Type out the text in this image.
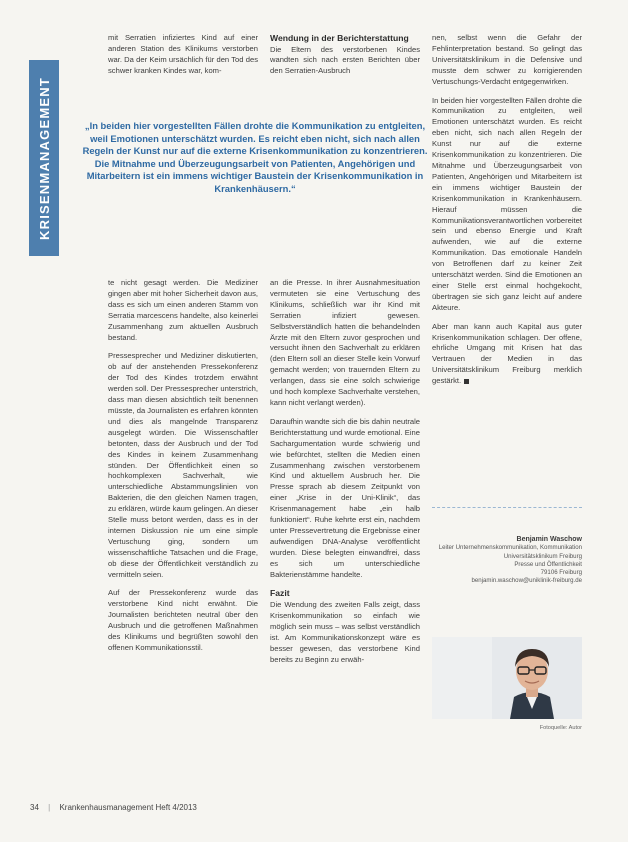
KRISENMANAGEMENT

mit Serratien infiziertes Kind auf einer anderen Station des Klinikums verstorben war. Da der Keim ursächlich für den Tod des schwer kranken Kindes war, kom-

Wendung in der Berichterstattung

Die Eltern des verstorbenen Kindes wandten sich nach ersten Berichten über den Serratien-Ausbruch

nen, selbst wenn die Gefahr der Fehlinterpretation bestand. So gelingt das Universitätsklinikum in die Defensive und musste dem schwer zu korrigierenden Vertuschungs-Verdacht entgegenwirken.

In beiden hier vorgestellten Fällen drohte die Kommunikation zu entgleiten, weil Emotionen unterschätzt wurden. Es reicht eben nicht, sich nach allen Regeln der Kunst nur auf die externe Krisenkommunikation zu konzentrieren. Die Mitnahme und Überzeugungsarbeit von Patienten, Angehörigen und Mitarbeitern ist ein immens wichtiger Baustein der Krisenkommunikation in Krankenhäusern. Hierauf müssen die Kommunikationsverantwortlichen vorbereitet sein und ebenso Energie und Kraft aufwenden, wie auf die externe Kommunikation. Das emotionale Handeln von Betroffenen darf zu keiner Zeit unterschätzt werden. Sind die Emotionen an einer Stelle erst einmal hochgekocht, übertragen sie sich ganz leicht auf andere Akteure.

Aber man kann auch Kapital aus guter Krisenkommunikation schlagen. Der offene, ehrliche Umgang mit Krisen hat das Vertrauen der Medien in das Universitätsklinikum Freiburg merklich gestärkt.

„In beiden hier vorgestellten Fällen drohte die Kommunikation zu entgleiten, weil Emotionen unterschätzt wurden. Es reicht eben nicht, sich nach allen Regeln der Kunst nur auf die externe Krisenkommunikation zu konzentrieren. Die Mitnahme und Überzeugungsarbeit von Patienten, Angehörigen und Mitarbeitern ist ein immens wichtiger Baustein der Krisenkommunikation in Krankenhäusern.“

te nicht gesagt werden. Die Mediziner gingen aber mit hoher Sicherheit davon aus, dass es sich um einen anderen Stamm von Serratia marcescens handelte, also keinerlei Zusammenhang zum aktuellen Ausbruch bestand.

Pressesprecher und Mediziner diskutierten, ob auf der anstehenden Pressekonferenz der Tod des Kindes trotzdem erwähnt werden soll. Der Pressesprecher unterstrich, dass man diesen absichtlich teilt benennen müsste, da Journalisten es erfahren könnten und dies als mangelnde Transparenz ausgelegt würden. Die Wissenschaftler betonten, dass der Ausbruch und der Tod des Kindes in keinem Zusammenhang stünden. Der Öffentlichkeit einen so hochkomplexen Sachverhalt, wie unterschiedliche Abstammungslinien von Bakterien, die den gleichen Namen tragen, zu erklären, würde kaum gelingen. An dieser Stelle muss betont werden, dass es in der internen Diskussion nie um eine simple Vertuschung ging, sondern um wissenschaftliche Tatsachen und die Frage, ob diese der Öffentlichkeit verständlich zu vermitteln seien.

Auf der Pressekonferenz wurde das verstorbene Kind nicht erwähnt. Die Journalisten berichteten neutral über den Ausbruch und die getroffenen Maßnahmen des Klinikums und begrüßten sowohl den offenen Kommunikationsstil.

an die Presse. In ihrer Ausnahmesituation vermuteten sie eine Vertuschung des Klinikums, schließlich war ihr Kind mit Serratien infiziert gewesen. Selbstverständlich hatten die behandelnden Ärzte mit den Eltern zuvor gesprochen und versucht ihnen den Sachverhalt zu erklären (den Eltern soll an dieser Stelle kein Vorwurf gemacht werden; von trauernden Eltern zu verlangen, dass sie eine solch schwierige und hoch komplexe Sachverhalte verstehen, kann nicht verlangt werden).

Daraufhin wandte sich die bis dahin neutrale Berichterstattung und wurde emotional. Eine Sachargumentation wurde schwierig und wie befürchtet, stellten die Medien einen Zusammenhang zwischen verstorbenem Kind und aktuellem Ausbruch her. Die Presse sprach ab diesem Zeitpunkt von einer „Krise in der Uni-Klinik“, das Krisenmanagement habe „ein halb funktioniert“. Ruhe kehrte erst ein, nachdem unter Pressevertretung die Ergebnisse einer aufwendigen DNA-Analyse veröffentlicht wurden. Diese belegten einwandfrei, dass es sich um unterschiedliche Bakterienstämme handelte.

Fazit

Die Wendung des zweiten Falls zeigt, dass Krisenkommunikation so einfach wie möglich sein muss – was selbst verständlich ist. Am Kommunikationskonzept wäre es besser gewesen, das verstorbene Kind bereits zu Beginn zu erwäh-

Benjamin Waschow
Leiter Unternehmenskommunikation, Kommunikation
Universitätsklinikum Freiburg
Presse und Öffentlichkeit
79106 Freiburg
benjamin.waschow@uniklinik-freiburg.de
Fotoquelle: Autor
34 | Krankenhausmanagement Heft 4/2013
